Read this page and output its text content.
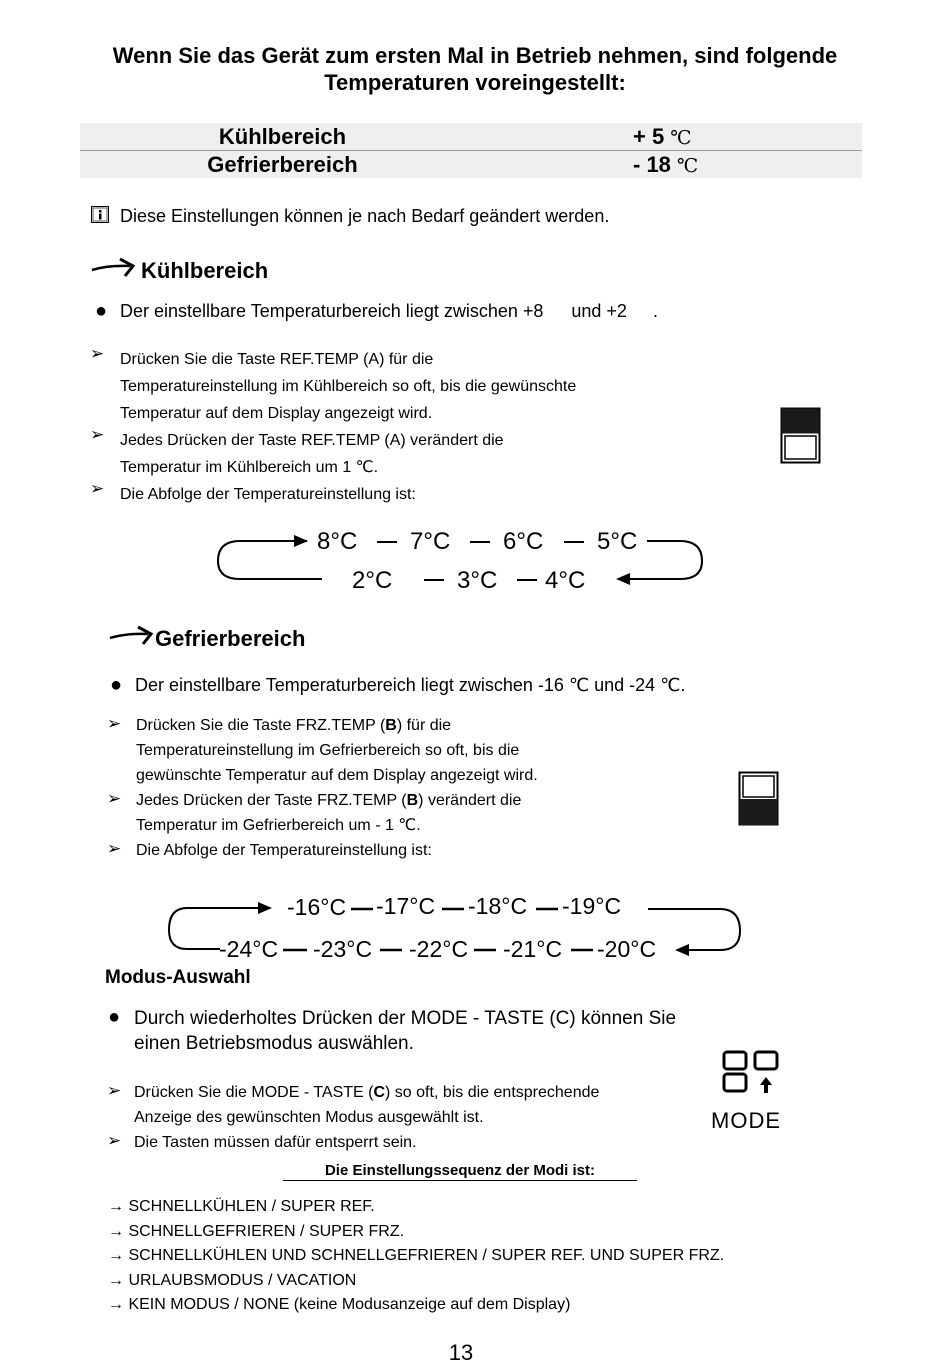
Wenn Sie das Gerät zum ersten Mal in Betrieb nehmen, sind folgende
Temperaturen voreingestellt:
Kühlbereich	+ 5 ℃
Gefrierbereich	- 18 ℃
Diese Einstellungen können je nach Bedarf geändert werden.
Kühlbereich
● Der einstellbare Temperaturbereich liegt zwischen +8 und +2 .
➢ Drücken Sie die Taste REF.TEMP (A) für die
Temperatureinstellung im Kühlbereich so oft, bis die gewünschte
Temperatur auf dem Display angezeigt wird.
➢ Jedes Drücken der Taste REF.TEMP (A) verändert die
Temperatur im Kühlbereich um 1 ℃.
➢ Die Abfolge der Temperatureinstellung ist:
8°C 7°C 6°C 5°C
2°C	3°C 4°C
Gefrierbereich
● Der einstellbare Temperaturbereich liegt zwischen -16 ℃ und -24 ℃.
➢ Drücken Sie die Taste FRZ.TEMP (B) für die
Temperatureinstellung im Gefrierbereich so oft, bis die
gewünschte Temperatur auf dem Display angezeigt wird.
➢ Jedes Drücken der Taste FRZ.TEMP (B) verändert die
Temperatur im Gefrierbereich um - 1 ℃.
➢ Die Abfolge der Temperatureinstellung ist:
-16°C -17°C -18°C -19°C
-24°C -23°C -22°C -21°C -20°C
Modus-Auswahl
● Durch wiederholtes Drücken der MODE - TASTE (C) können Sie
einen Betriebsmodus auswählen.
➢ Drücken Sie die MODE - TASTE (C) so oft, bis die entsprechende
Anzeige des gewünschten Modus ausgewählt ist.
➢ Die Tasten müssen dafür entsperrt sein.
MODE
Die Einstellungssequenz der Modi ist:
→ SCHNELLKÜHLEN / SUPER REF.
→ SCHNELLGEFRIEREN / SUPER FRZ.
→ SCHNELLKÜHLEN UND SCHNELLGEFRIEREN / SUPER REF. UND SUPER FRZ.
→ URLAUBSMODUS / VACATION
→ KEIN MODUS / NONE (keine Modusanzeige auf dem Display)
13
